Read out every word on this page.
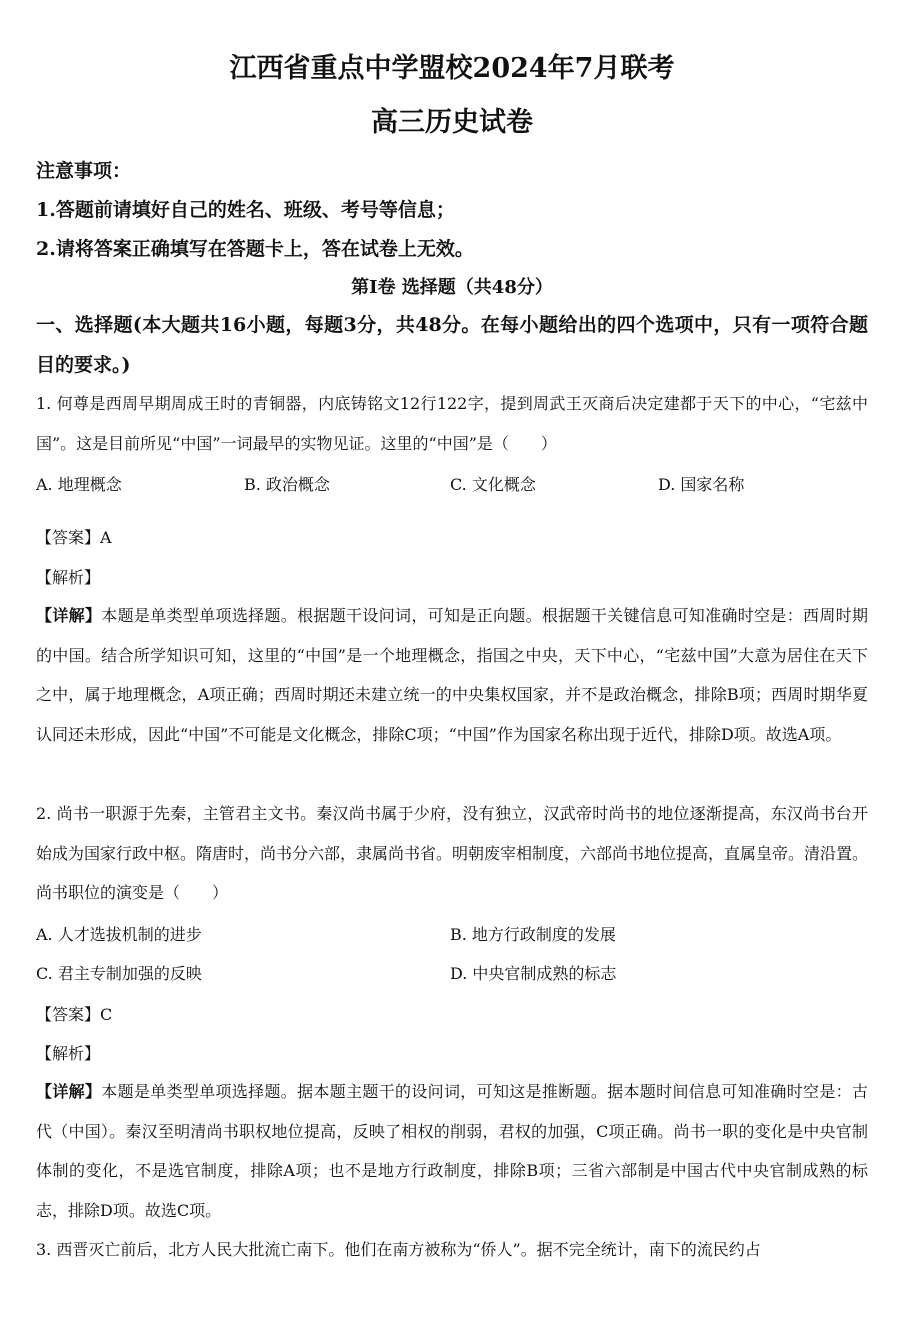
江西省重点中学盟校2024年7月联考
高三历史试卷
注意事项：
1.答题前请填好自己的姓名、班级、考号等信息；
2.请将答案正确填写在答题卡上，答在试卷上无效。
第Ⅰ卷 选择题（共48分）
一、选择题(本大题共16小题，每题3分，共48分。在每小题给出的四个选项中，只有一项符合题目的要求。)
1. 何尊是西周早期周成王时的青铜器，内底铸铭文12行122字，提到周武王灭商后决定建都于天下的中心，“宅兹中国”。这是目前所见“中国”一词最早的实物见证。这里的“中国”是（　　）
A. 地理概念	B. 政治概念	C. 文化概念	D. 国家名称
【答案】A
【解析】
【详解】本题是单类型单项选择题。根据题干设问词，可知是正向题。根据题干关键信息可知准确时空是：西周时期的中国。结合所学知识可知，这里的“中国”是一个地理概念，指国之中央，天下中心，“宅兹中国”大意为居住在天下之中，属于地理概念，A项正确；西周时期还未建立统一的中央集权国家，并不是政治概念，排除B项；西周时期华夏认同还未形成，因此“中国”不可能是文化概念，排除C项；“中国”作为国家名称出现于近代，排除D项。故选A项。
2. 尚书一职源于先秦，主管君主文书。秦汉尚书属于少府，没有独立，汉武帝时尚书的地位逐渐提高，东汉尚书台开始成为国家行政中枢。隋唐时，尚书分六部，隶属尚书省。明朝废宰相制度，六部尚书地位提高，直属皇帝。清沿置。尚书职位的演变是（　　）
A. 人才选拔机制的进步	B. 地方行政制度的发展
C. 君主专制加强的反映	D. 中央官制成熟的标志
【答案】C
【解析】
【详解】本题是单类型单项选择题。据本题主题干的设问词，可知这是推断题。据本题时间信息可知准确时空是：古代（中国）。秦汉至明清尚书职权地位提高，反映了相权的削弱，君权的加强，C项正确。尚书一职的变化是中央官制体制的变化，不是选官制度，排除A项；也不是地方行政制度，排除B项；三省六部制是中国古代中央官制成熟的标志，排除D项。故选C项。
3. 西晋灭亡前后，北方人民大批流亡南下。他们在南方被称为“侨人”。据不完全统计，南下的流民约占
